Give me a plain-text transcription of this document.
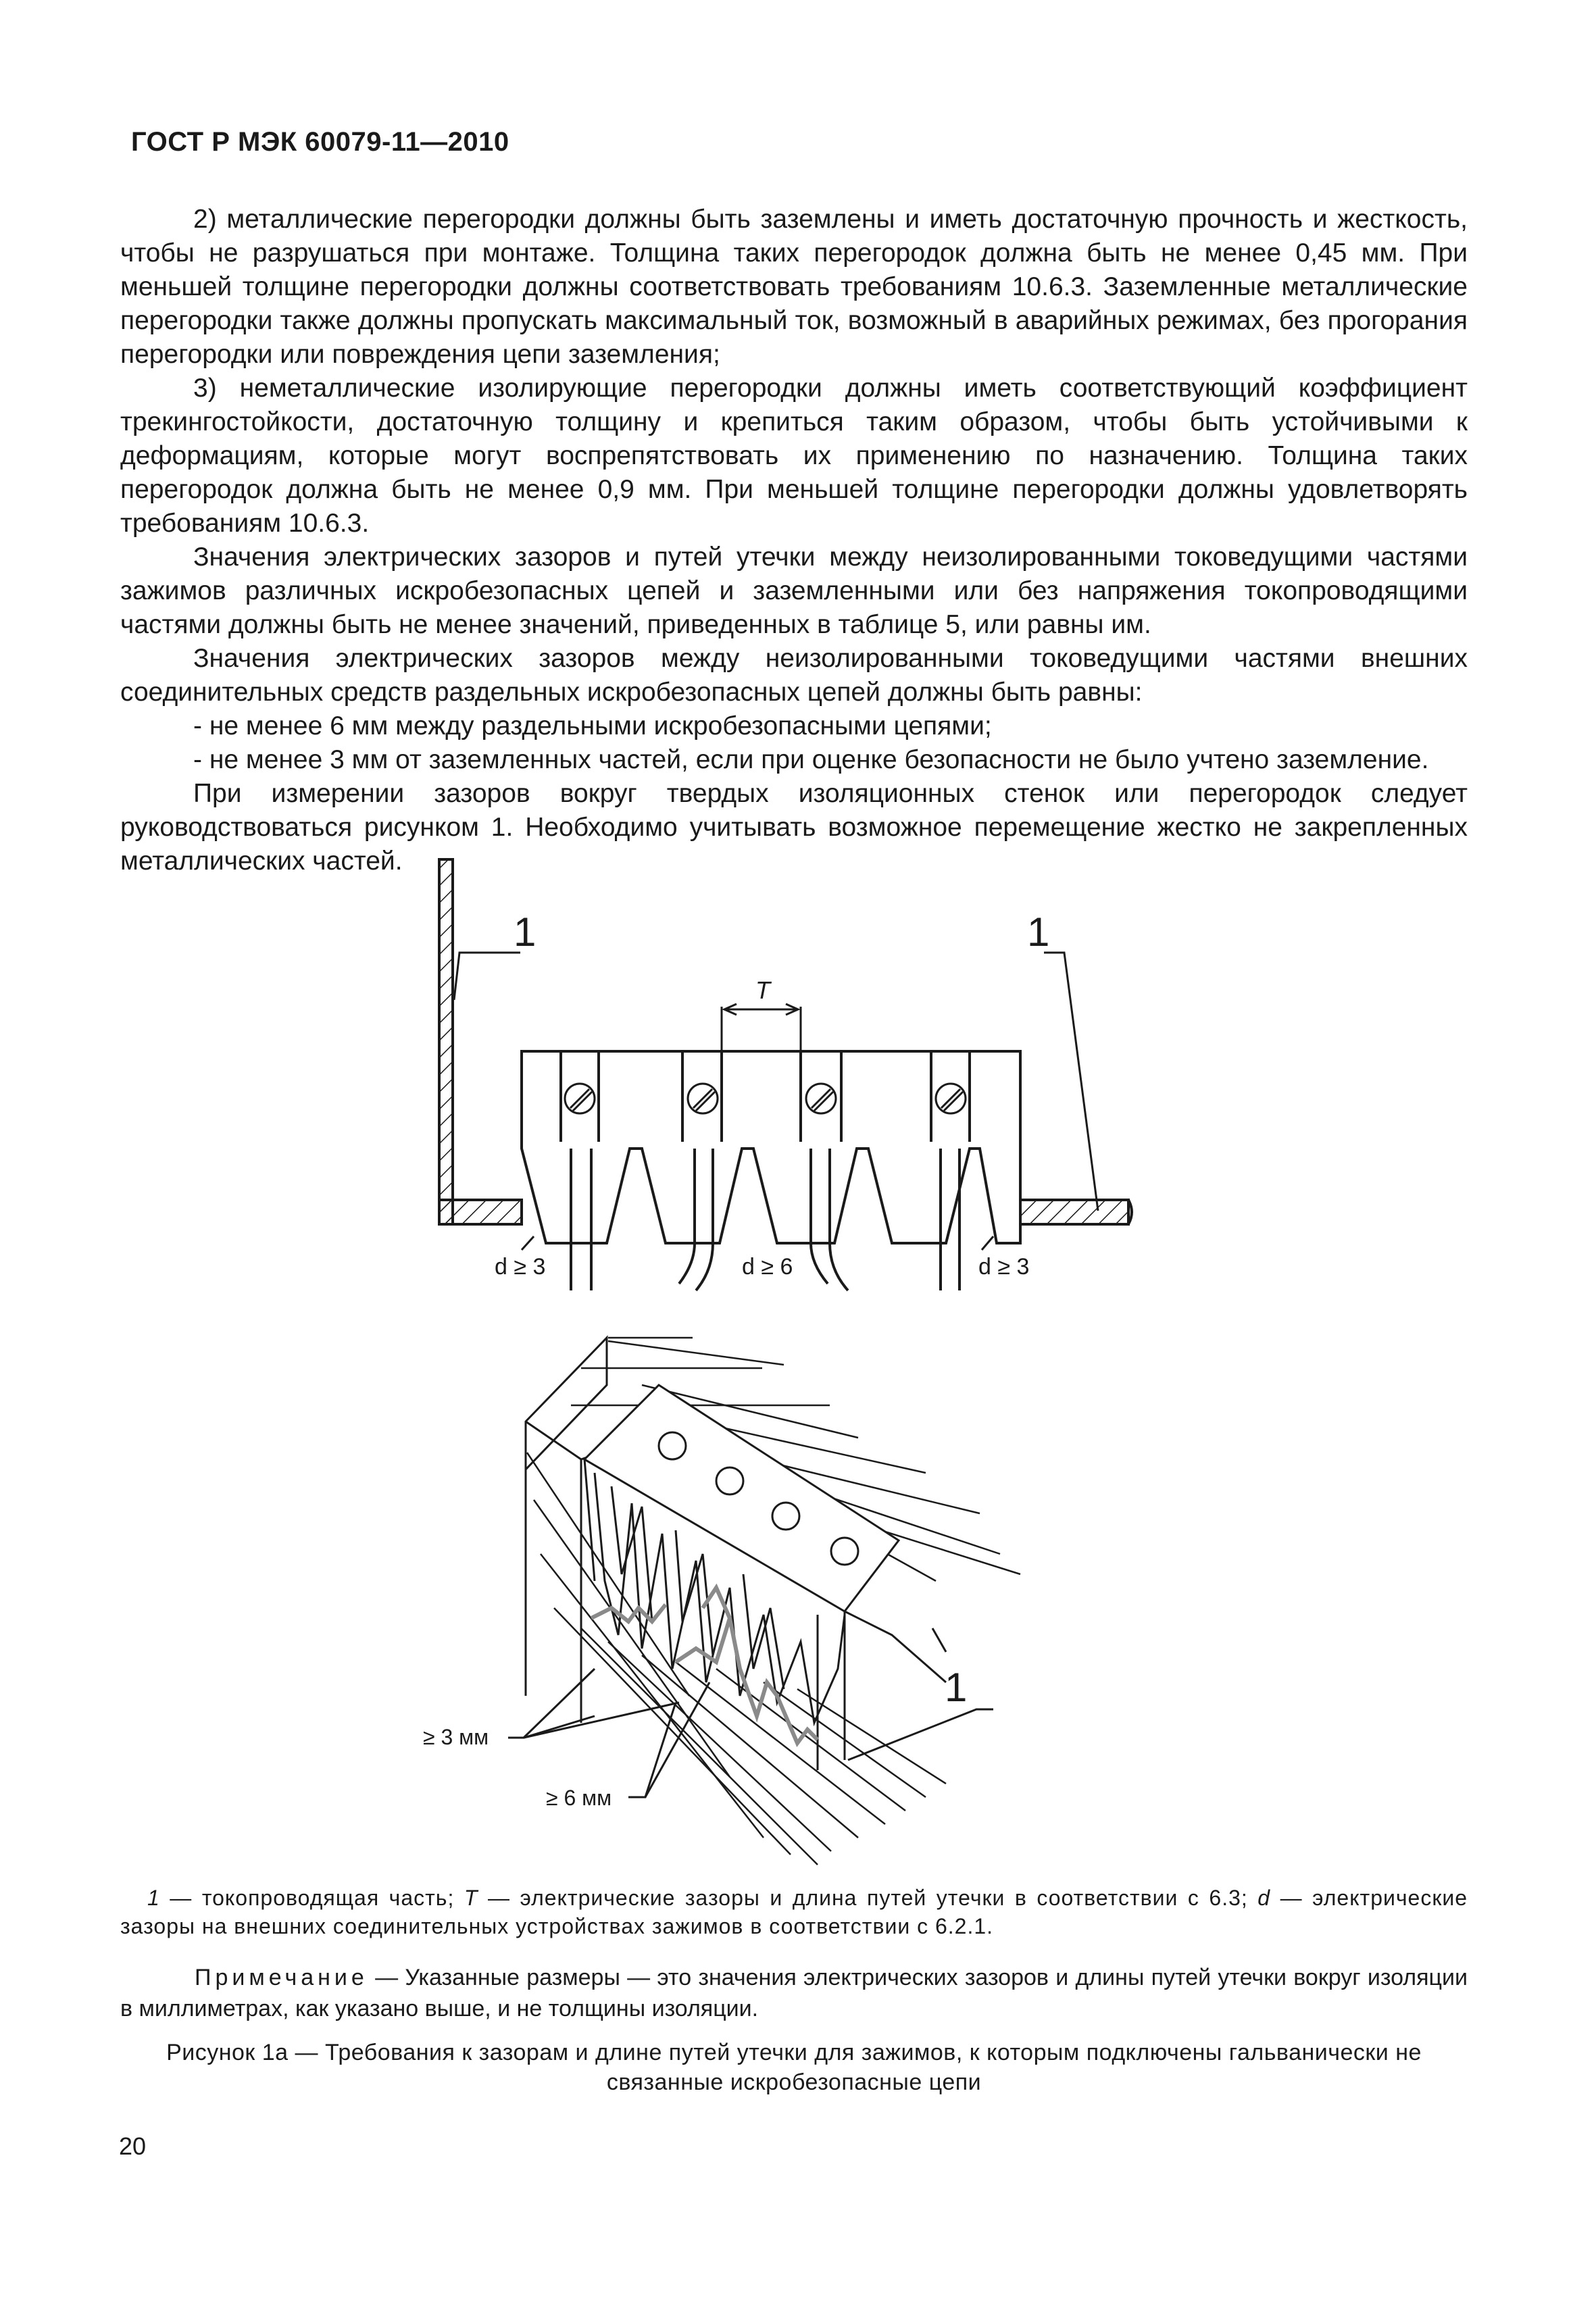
ГОСТ Р МЭК 60079-11—2010

2) металлические перегородки должны быть заземлены и иметь достаточную прочность и жесткость, чтобы не разрушаться при монтаже. Толщина таких перегородок должна быть не менее 0,45 мм. При меньшей толщине перегородки должны соответствовать требованиям 10.6.3. Заземленные металлические перегородки также должны пропускать максимальный ток, возможный в аварийных режимах, без прогорания перегородки или повреждения цепи заземления;

3) неметаллические изолирующие перегородки должны иметь соответствующий коэффициент трекингостойкости, достаточную толщину и крепиться таким образом, чтобы быть устойчивыми к деформациям, которые могут воспрепятствовать их применению по назначению. Толщина таких перегородок должна быть не менее 0,9 мм. При меньшей толщине перегородки должны удовлетворять требованиям 10.6.3.

Значения электрических зазоров и путей утечки между неизолированными токоведущими частями зажимов различных искробезопасных цепей и заземленными или без напряжения токопроводящими частями должны быть не менее значений, приведенных в таблице 5, или равны им.

Значения электрических зазоров между неизолированными токоведущими частями внешних соединительных средств раздельных искробезопасных цепей должны быть равны:

- не менее 6 мм между раздельными искробезопасными цепями;

- не менее 3 мм от заземленных частей, если при оценке безопасности не было учтено заземление.

При измерении зазоров вокруг твердых изоляционных стенок или перегородок следует руководствоваться рисунком 1. Необходимо учитывать возможное перемещение жестко не закрепленных металлических частей.

1	1
T
d ≥ 3	d ≥ 6	d ≥ 3
≥ 3 мм
≥ 6 мм
1
1 — токопроводящая часть; T — электрические зазоры и длина путей утечки в соответствии с 6.3; d — электрические зазоры на внешних соединительных устройствах зажимов в соответствии с 6.2.1.
Примечание — Указанные размеры — это значения электрических зазоров и длины путей утечки вокруг изоляции в миллиметрах, как указано выше, и не толщины изоляции.
Рисунок 1а — Требования к зазорам и длине путей утечки для зажимов, к которым подключены гальванически не связанные искробезопасные цепи
20
